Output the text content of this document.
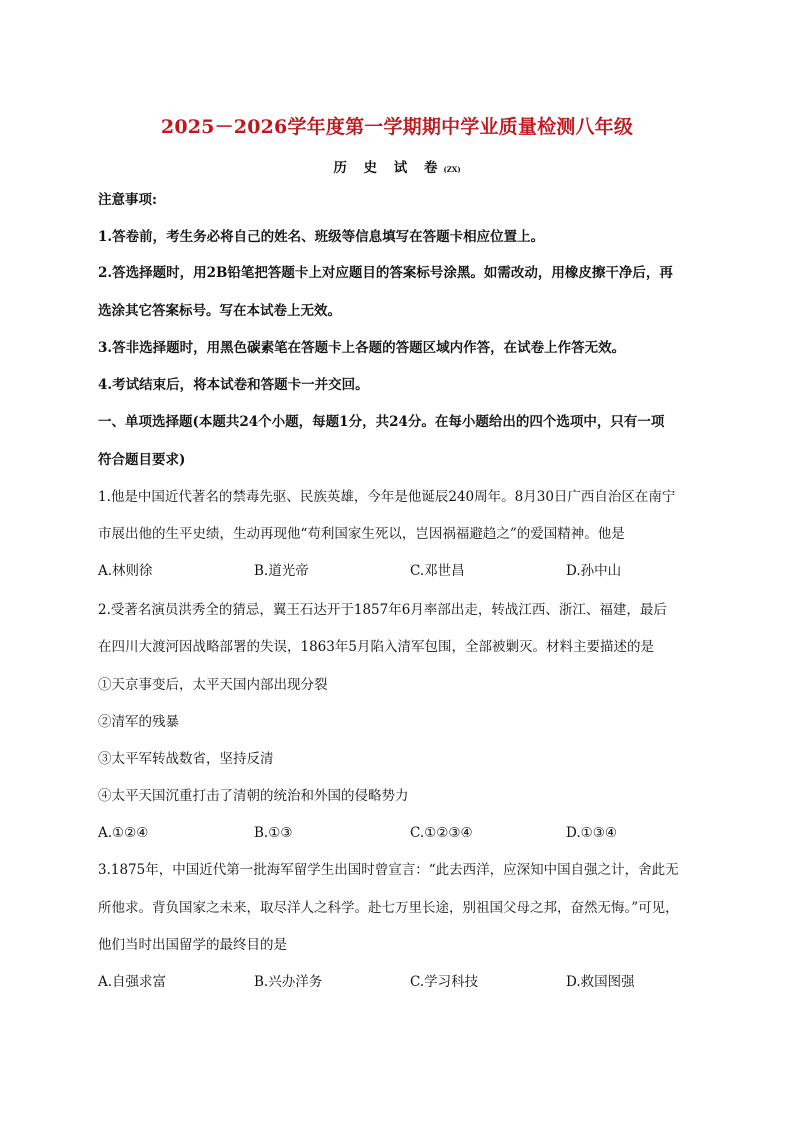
2025－2026学年度第一学期期中学业质量检测八年级
历 史 试 卷(ZX)
注意事项:
1.答卷前，考生务必将自己的姓名、班级等信息填写在答题卡相应位置上。
2.答选择题时，用2B铅笔把答题卡上对应题目的答案标号涂黑。如需改动，用橡皮擦干净后，再
选涂其它答案标号。写在本试卷上无效。
3.答非选择题时，用黑色碳素笔在答题卡上各题的答题区域内作答，在试卷上作答无效。
4.考试结束后，将本试卷和答题卡一并交回。
一、单项选择题(本题共24个小题，每题1分，共24分。在每小题给出的四个选项中，只有一项
符合题目要求)
1.他是中国近代著名的禁毒先驱、民族英雄，今年是他诞辰240周年。8月30日广西自治区在南宁
市展出他的生平史绩，生动再现他“苟利国家生死以，岂因祸福避趋之”的爱国精神。他是
A.林则徐	B.道光帝	C.邓世昌	D.孙中山
2.受著名演员洪秀全的猜忌，翼王石达开于1857年6月率部出走，转战江西、浙江、福建，最后
在四川大渡河因战略部署的失误，1863年5月陷入清军包围，全部被剿灭。材料主要描述的是
①天京事变后，太平天国内部出现分裂
②清军的残暴
③太平军转战数省，坚持反清
④太平天国沉重打击了清朝的统治和外国的侵略势力
A.①②④	B.①③	C.①②③④	D.①③④
3.1875年，中国近代第一批海军留学生出国时曾宣言：“此去西洋，应深知中国自强之计，舍此无
所他求。背负国家之未来，取尽洋人之科学。赴七万里长途，别祖国父母之邦，奋然无悔。”可见，
他们当时出国留学的最终目的是
A.自强求富	B.兴办洋务	C.学习科技	D.救国图强
